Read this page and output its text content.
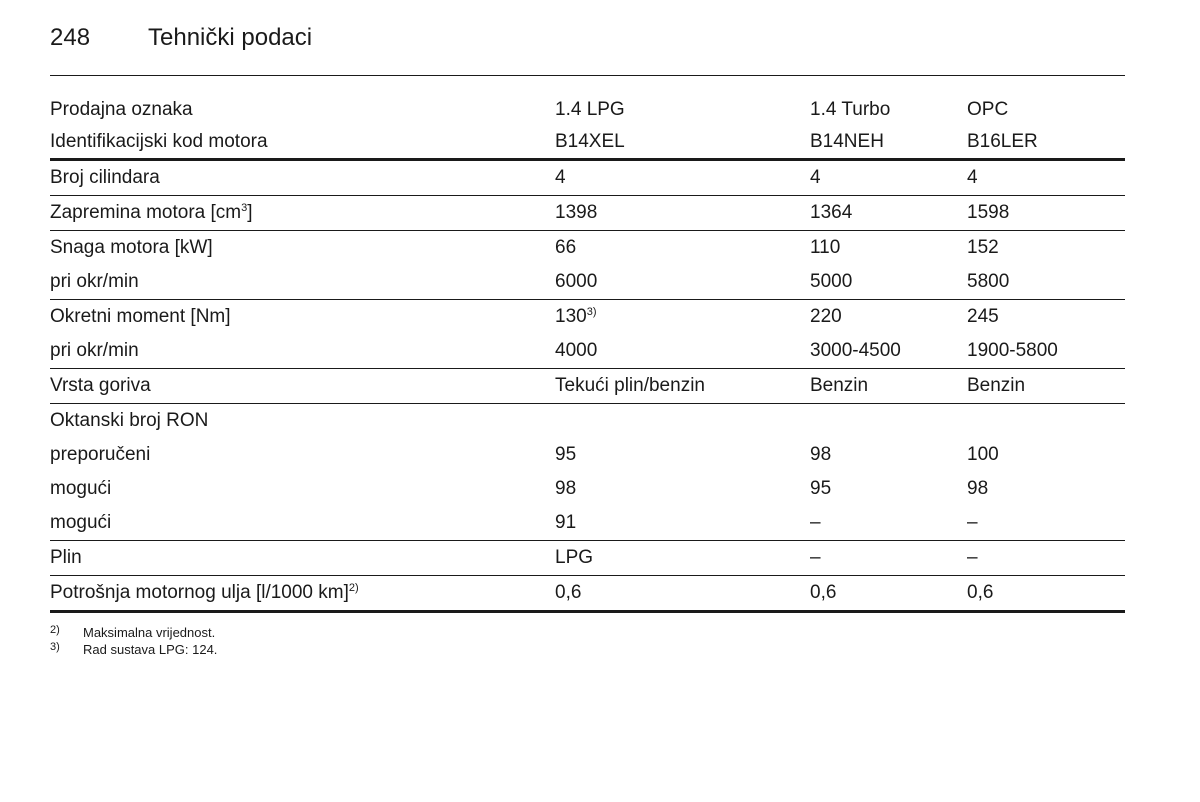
248	Tehnički podaci
Prodajna oznaka	1.4 LPG	1.4 Turbo	OPC
Identifikacijski kod motora	B14XEL	B14NEH	B16LER
Broj cilindara	4	4	4
Zapremina motora $[cm^3]$	1398	1364	1598
Snaga motora [kW]	66	110	152
pri okr/min	6000	5000	5800
Okretni moment [Nm]	130$^{3)}$	220	245
pri okr/min	4000	3000-4500	1900-5800
Vrsta goriva	Tekući plin/benzin	Benzin	Benzin
Oktanski broj RON			
preporučeni	95	98	100
mogući	98	95	98
mogući	91	–	–
Plin	LPG	–	–
Potrošnja motornog ulja [l/1000 km]$^{2)}$	0,6	0,6	0,6
2)	Maksimalna vrijednost.
3)	Rad sustava LPG: 124.
